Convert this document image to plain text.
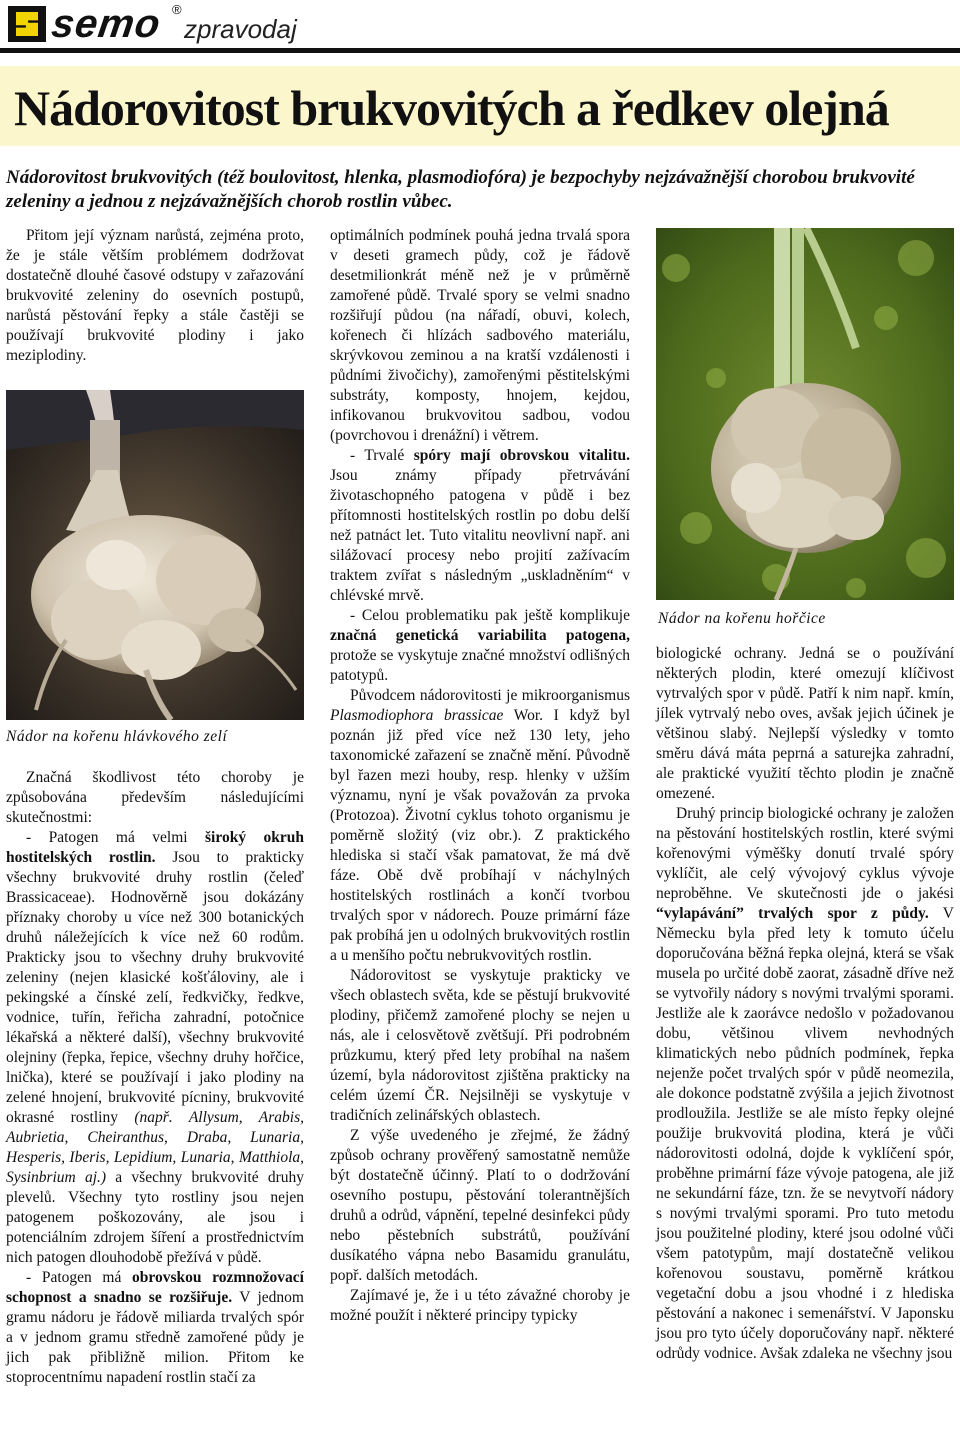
semo ®
zpravodaj
Nádorovitost brukvovitých a ředkev olejná
Nádorovitost brukvovitých (též boulovitost, hlenka, plasmodiofóra) je bezpochyby nejzávažnější chorobou brukvovité zeleniny a jednou z nejzávažnějších chorob rostlin vůbec.

Přitom její význam narůstá, zejména proto, že je stále větším problémem dodržovat dostatečně dlouhé časové odstupy v zařazování brukvovité zeleniny do osevních postupů, narůstá pěstování řepky a stále častěji se používají brukvovité plodiny i jako meziplodiny.

Nádor na kořenu hlávkového zelí

Značná škodlivost této choroby je způsobována především následujícími skutečnostmi:

- Patogen má velmi široký okruh hostitelských rostlin. Jsou to prakticky všechny brukvovité druhy rostlin (čeleď Brassicaceae). Hodnověrně jsou dokázány příznaky choroby u více než 300 botanických druhů náležejících k více než 60 rodům. Prakticky jsou to všechny druhy brukvovité zeleniny (nejen klasické košťáloviny, ale i pekingské a čínské zelí, ředkvičky, ředkve, vodnice, tuřín, řeřicha zahradní, potočnice lékařská a některé další), všechny brukvovité olejniny (řepka, řepice, všechny druhy hořčice, lnička), které se používají i jako plodiny na zelené hnojení, brukvovité pícniny, brukvovité okrasné rostliny (např. Allysum, Arabis, Aubrietia, Cheiranthus, Draba, Lunaria, Hesperis, Iberis, Lepidium, Lunaria, Matthiola, Sysinbrium aj.) a všechny brukvovité druhy plevelů. Všechny tyto rostliny jsou nejen patogenem poškozovány, ale jsou i potenciálním zdrojem šíření a prostřednictvím nich patogen dlouhodobě přežívá v půdě.

- Patogen má obrovskou rozmnožovací schopnost a snadno se rozšiřuje. V jednom gramu nádoru je řádově miliarda trvalých spór a v jednom gramu středně zamořené půdy je jich pak přibližně milion. Přitom ke stoprocentnímu napadení rostlin stačí za

optimálních podmínek pouhá jedna trvalá spora v deseti gramech půdy, což je řádově desetmilionkrát méně než je v průměrně zamořené půdě. Trvalé spory se velmi snadno rozšiřují půdou (na nářadí, obuvi, kolech, kořenech či hlízách sadbového materiálu, skrývkovou zeminou a na kratší vzdálenosti i půdními živočichy), zamořenými pěstitelskými substráty, komposty, hnojem, kejdou, infikovanou brukvovitou sadbou, vodou (povrchovou i drenážní) i větrem.

- Trvalé spóry mají obrovskou vitalitu. Jsou známy případy přetrvávání životaschopného patogena v půdě i bez přítomnosti hostitelských rostlin po dobu delší než patnáct let. Tuto vitalitu neovlivní např. ani silážovací procesy nebo projití zažívacím traktem zvířat s následným „uskladněním“ v chlévské mrvě.

- Celou problematiku pak ještě komplikuje značná genetická variabilita patogena, protože se vyskytuje značné množství odlišných patotypů.

Původcem nádorovitosti je mikroorganismus Plasmodiophora brassicae Wor. I když byl poznán již před více než 130 lety, jeho taxonomické zařazení se značně mění. Původně byl řazen mezi houby, resp. hlenky v užším významu, nyní je však považován za prvoka (Protozoa). Životní cyklus tohoto organismu je poměrně složitý (viz obr.). Z praktického hlediska si stačí však pamatovat, že má dvě fáze. Obě dvě probíhají v náchylných hostitelských rostlinách a končí tvorbou trvalých spor v nádorech. Pouze primární fáze pak probíhá jen u odolných brukvovitých rostlin a u menšího počtu nebrukvovitých rostlin.

Nádorovitost se vyskytuje prakticky ve všech oblastech světa, kde se pěstují brukvovité plodiny, přičemž zamořené plochy se nejen u nás, ale i celosvětově zvětšují. Při podrobném průzkumu, který před lety probíhal na našem území, byla nádorovitost zjištěna prakticky na celém území ČR. Nejsilněji se vyskytuje v tradičních zelinářských oblastech.

Z výše uvedeného je zřejmé, že žádný způsob ochrany prověřený samostatně nemůže být dostatečně účinný. Platí to o dodržování osevního postupu, pěstování tolerantnějších druhů a odrůd, vápnění, tepelné desinfekci půdy nebo pěstebních substrátů, používání dusíkatého vápna nebo Basamidu granulátu, popř. dalších metodách.

Zajímavé je, že i u této závažné choroby je možné použít i některé principy typicky

Nádor na kořenu hořčice

biologické ochrany. Jedná se o používání některých plodin, které omezují klíčivost vytrvalých spor v půdě. Patří k nim např. kmín, jílek vytrvalý nebo oves, avšak jejich účinek je většinou slabý. Nejlepší výsledky v tomto směru dává máta peprná a saturejka zahradní, ale praktické využití těchto plodin je značně omezené.

Druhý princip biologické ochrany je založen na pěstování hostitelských rostlin, které svými kořenovými výměšky donutí trvalé spóry vyklíčit, ale celý vývojový cyklus vývoje neproběhne. Ve skutečnosti jde o jakési “vylapávání” trvalých spor z půdy. V Německu byla před lety k tomuto účelu doporučována běžná řepka olejná, která se však musela po určité době zaorat, zásadně dříve než se vytvořily nádory s novými trvalými sporami. Jestliže ale k zaorávce nedošlo v požadovanou dobu, většinou vlivem nevhodných klimatických nebo půdních podmínek, řepka nejenže počet trvalých spór v půdě neomezila, ale dokonce podstatně zvýšila a jejich životnost prodloužila. Jestliže se ale místo řepky olejné použije brukvovitá plodina, která je vůči nádorovitosti odolná, dojde k vyklíčení spór, proběhne primární fáze vývoje patogena, ale již ne sekundární fáze, tzn. že se nevytvoří nádory s novými trvalými sporami. Pro tuto metodu jsou použitelné plodiny, které jsou odolné vůči všem patotypům, mají dostatečně velikou kořenovou soustavu, poměrně krátkou vegetační dobu a jsou vhodné i z hlediska pěstování a nakonec i semenářství. V Japonsku jsou pro tyto účely doporučovány např. některé odrůdy vodnice. Avšak zdaleka ne všechny jsou
